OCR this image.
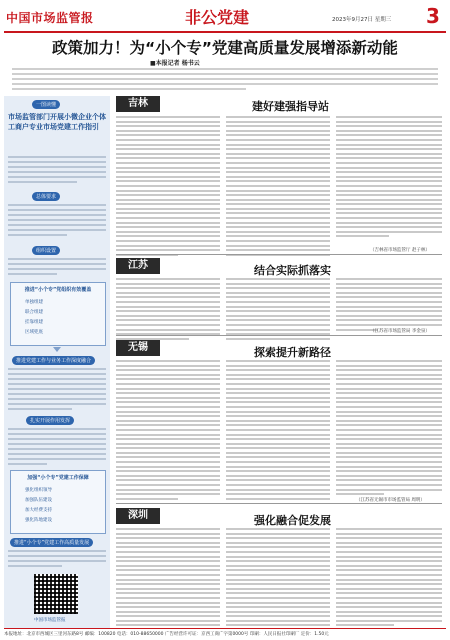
中国市场监管报	非公党建	2023年9月27日 星期三 3
政策加力！为“小个专”党建高质量发展增添新动能
■本报记者 杨书云
一图读懂
市场监管部门开展小微企业个体工商户专业市场党建工作指引
总体要求
组织设置
推进“小个专”党组织有效覆盖
单独组建
联合组建
挂靠组建
区域兜底
推进党建工作与业务工作深度融合
扎实开展作用发挥
加强“小个专”党建工作保障
强化组织领导
加强队伍建设
加大经费支持
强化阵地建设
推进“小个专”党建工作高质量发展
中国市场监管报
吉林	建好建强指导站
（吉林省市场监管厅 赵子林）
江苏	结合实际抓落实
（江苏省市场监管局 李金泉）
无锡	探索提升新路径
（江苏省无锡市市场监管局 周明）
深圳	强化融合促发展
本报地址：北京市西城区三里河东路8号 邮编：100820 电话：010-88650000 广告经营许可证：京西工商广字第0000号 印刷：人民日报社印刷厂 定价：1.50元
